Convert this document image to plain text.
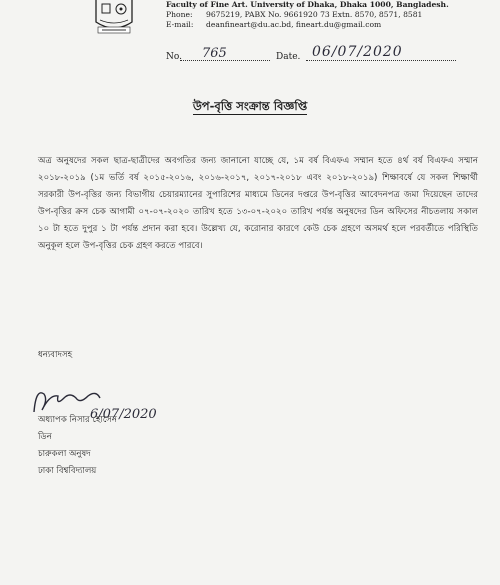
Faculty of Fine Art. University of Dhaka, Dhaka 1000, Bangladesh.
Phone: 9675219, PABX No. 9661920 73 Extn. 8570, 8571, 8581
E-mail: deanfineart@du.ac.bd, fineart.du@gmail.com
No. 765	Date. 06/07/2020
উপ-বৃত্তি সংক্রান্ত বিজ্ঞপ্তি

অত্র অনুষদের সকল ছাত্র-ছাত্রীদের অবগতির জন্য জানানো যাচ্ছে যে, ১ম বর্ষ বিএফএ সম্মান হতে ৪র্থ বর্ষ বিএফএ সম্মান ২০১৮-২০১৯ (১ম ভর্তি বর্ষ ২০১৫-২০১৬, ২০১৬-২০১৭, ২০১৭-২০১৮ এবং ২০১৮-২০১৯) শিক্ষাবর্ষে যে সকল শিক্ষার্থী সরকারী উপ-বৃত্তির জন্য বিভাগীয় চেয়ারম্যানের সুপারিশের মাধ্যমে ডিনের দপ্তরে উপ-বৃত্তির আবেদনপত্র জমা দিয়েছেন তাদের উপ-বৃত্তির ক্রস চেক আগামী ০৭-০৭-২০২০ তারিখ হতে ১৩-০৭-২০২০ তারিখ পর্যন্ত অনুষদের ডিন অফিসের নীচতলায় সকাল ১০ টা হতে দুপুর ১ টা পর্যন্ত প্রদান করা হবে। উল্লেখ্য যে, করোনার কারণে কেউ চেক গ্রহণে অসমর্থ হলে পরবর্তীতে পরিস্থিতি অনুকূল হলে উপ-বৃত্তির চেক গ্রহণ করতে পারবে।

ধন্যবাদসহ
6/07/2020
অধ্যাপক নিসার হোসেন
ডিন
চারুকলা অনুষদ
ঢাকা বিশ্ববিদ্যালয়
